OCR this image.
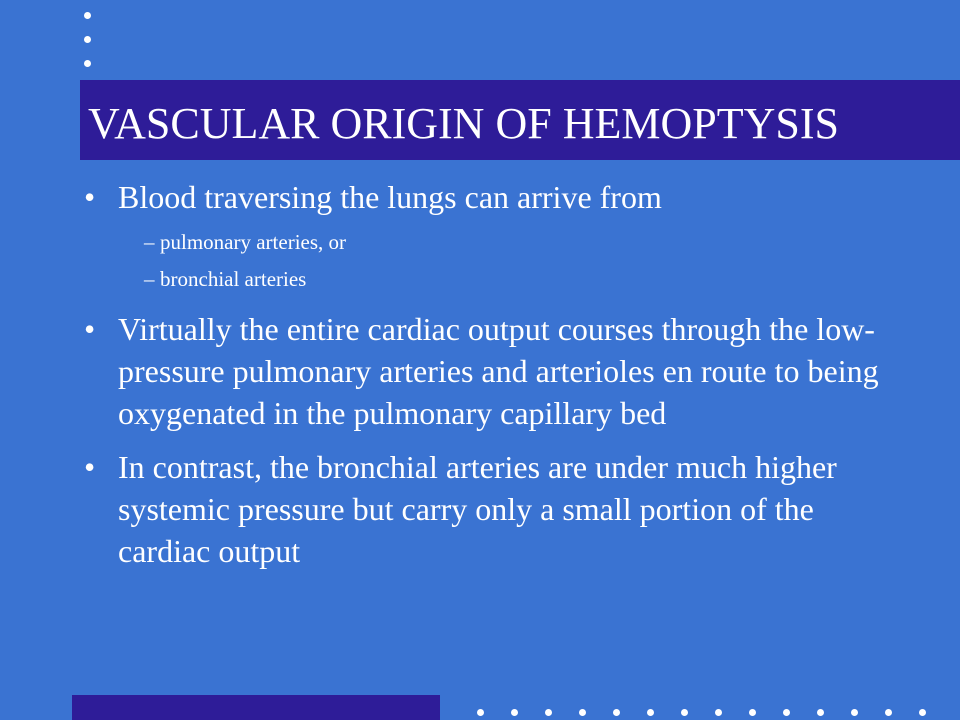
VASCULAR ORIGIN OF HEMOPTYSIS
• Blood traversing the lungs can arrive from
– pulmonary arteries, or
– bronchial arteries
• Virtually the entire cardiac output courses through the low-pressure pulmonary arteries and arterioles en route to being oxygenated in the pulmonary capillary bed
• In contrast, the bronchial arteries are under much higher systemic pressure but carry only a small portion of the cardiac output
